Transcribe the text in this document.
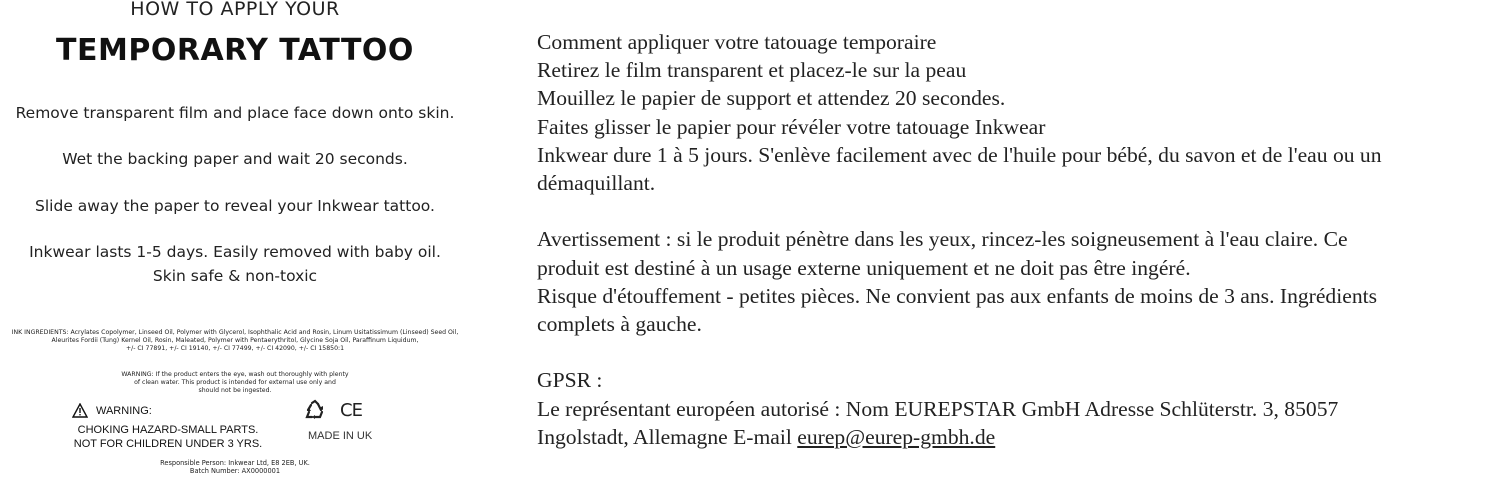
HOW TO APPLY YOUR
TEMPORARY TATTOO
Remove transparent film and place face down onto skin.
Wet the backing paper and wait 20 seconds.
Slide away the paper to reveal your Inkwear tattoo.
Inkwear lasts 1-5 days. Easily removed with baby oil.
Skin safe & non-toxic
INK INGREDIENTS: Acrylates Copolymer, Linseed Oil, Polymer with Glycerol, Isophthalic Acid and Rosin, Linum Usitatissimum (Linseed) Seed Oil,
Aleurites Fordii (Tung) Kernel Oil, Rosin, Maleated, Polymer with Pentaerythritol, Glycine Soja Oil, Paraffinum Liquidum,
+/- CI 77891, +/- CI 19140, +/- CI 77499, +/- CI 42090, +/- CI 15850:1
WARNING: If the product enters the eye, wash out thoroughly with plenty
of clean water. This product is intended for external use only and
should not be ingested.
WARNING:
CHOKING HAZARD-SMALL PARTS.
NOT FOR CHILDREN UNDER 3 YRS.
CE
MADE IN UK
Responsible Person: Inkwear Ltd, E8 2EB, UK.
Batch Number: AX0000001

Comment appliquer votre tatouage temporaire

Retirez le film transparent et placez-le sur la peau

Mouillez le papier de support et attendez 20 secondes.

Faites glisser le papier pour révéler votre tatouage Inkwear

Inkwear dure 1 à 5 jours. S'enlève facilement avec de l'huile pour bébé, du savon et de l'eau ou un

démaquillant.

Avertissement : si le produit pénètre dans les yeux, rincez-les soigneusement à l'eau claire. Ce

produit est destiné à un usage externe uniquement et ne doit pas être ingéré.

Risque d'étouffement - petites pièces. Ne convient pas aux enfants de moins de 3 ans. Ingrédients

complets à gauche.

GPSR :

Le représentant européen autorisé : Nom EUREPSTAR GmbH Adresse Schlüterstr. 3, 85057

Ingolstadt, Allemagne E-mail eurep@eurep-gmbh.de
